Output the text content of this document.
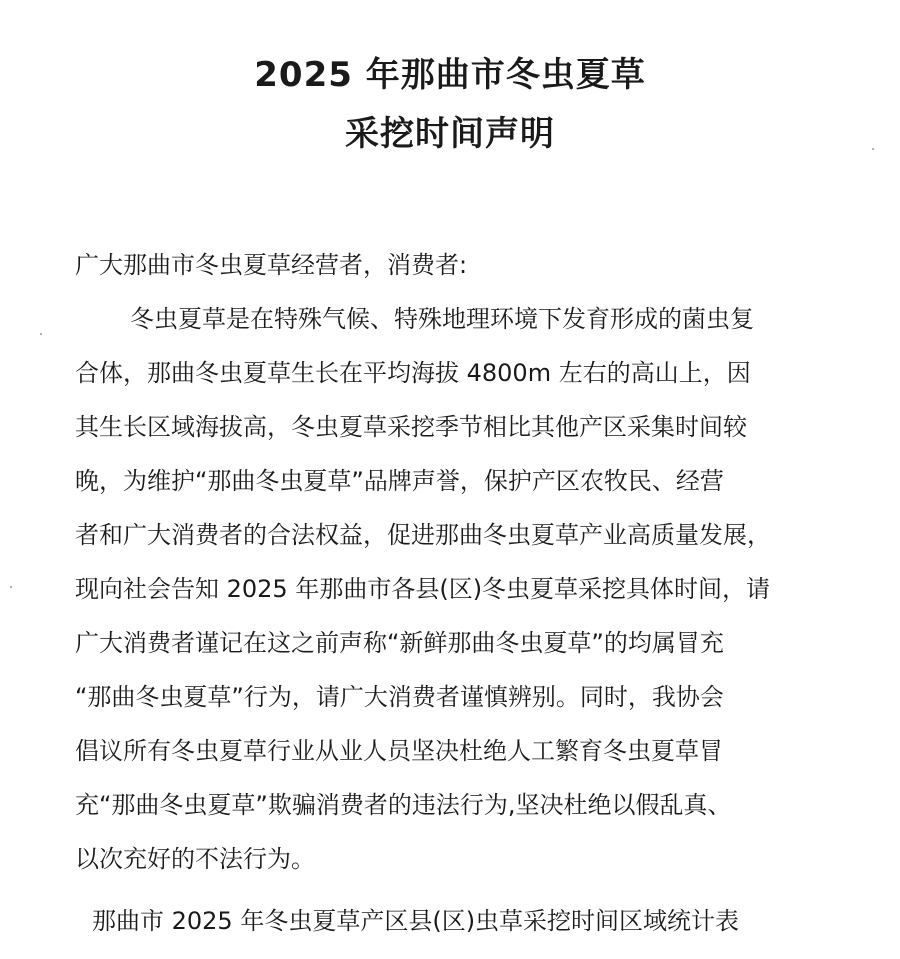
2025 年那曲市冬虫夏草
采挖时间声明
广大那曲市冬虫夏草经营者，消费者:
冬虫夏草是在特殊气候、特殊地理环境下发育形成的菌虫复
合体，那曲冬虫夏草生长在平均海拔 4800m 左右的高山上，因
其生长区域海拔高，冬虫夏草采挖季节相比其他产区采集时间较
晚，为维护“那曲冬虫夏草”品牌声誉，保护产区农牧民、经营
者和广大消费者的合法权益，促进那曲冬虫夏草产业高质量发展，
现向社会告知 2025 年那曲市各县(区)冬虫夏草采挖具体时间，请
广大消费者谨记在这之前声称“新鲜那曲冬虫夏草”的均属冒充
“那曲冬虫夏草”行为，请广大消费者谨慎辨别。同时，我协会
倡议所有冬虫夏草行业从业人员坚决杜绝人工繁育冬虫夏草冒
充“那曲冬虫夏草”欺骗消费者的违法行为,坚决杜绝以假乱真、
以次充好的不法行为。
那曲市 2025 年冬虫夏草产区县(区)虫草采挖时间区域统计表
